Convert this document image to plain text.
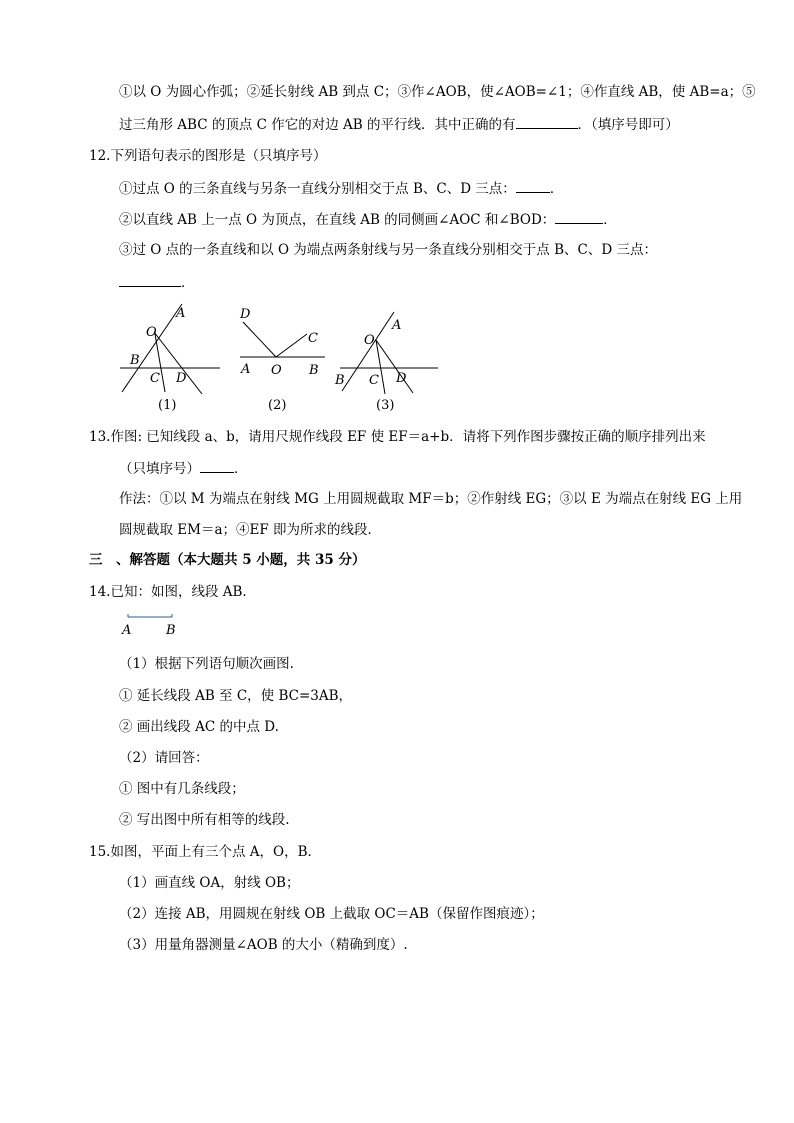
①以 O 为圆心作弧；②延长射线 AB 到点 C；③作∠AOB，使∠AOB=∠1；④作直线 AB，使 AB=a；⑤
过三角形 ABC 的顶点 C 作它的对边 AB 的平行线．其中正确的有	．（填序号即可）
12.下列语句表示的图形是（只填序号）
①过点 O 的三条直线与另条一直线分别相交于点 B、C、D 三点：	．
②以直线 AB 上一点 O 为顶点，在直线 AB 的同侧画∠AOC 和∠BOD：	．
③过 O 点的一条直线和以 O 为端点两条射线与另一条直线分别相交于点 B、C、D 三点：
．
O
A
B
C D
(1)
D
C
A O B
(2)
O
A
B C D
(3)
13.作图: 已知线段 a、b，请用尺规作线段 EF 使 EF＝a+b．请将下列作图步骤按正确的顺序排列出来
（只填序号）	．
作法：①以 M 为端点在射线 MG 上用圆规截取 MF＝b；②作射线 EG；③以 E 为端点在射线 EG 上用
圆规截取 EM＝a；④EF 即为所求的线段．
三　、解答题（本大题共 5 小题，共 35 分）
14.已知：如图，线段 AB.
A	B
（1）根据下列语句顺次画图.
① 延长线段 AB 至 C，使 BC=3AB，
② 画出线段 AC 的中点 D.
（2）请回答：
① 图中有几条线段；
② 写出图中所有相等的线段.
15.如图，平面上有三个点 A，O，B．
（1）画直线 OA，射线 OB；
（2）连接 AB，用圆规在射线 OB 上截取 OC＝AB（保留作图痕迹）；
（3）用量角器测量∠AOB 的大小（精确到度）.
